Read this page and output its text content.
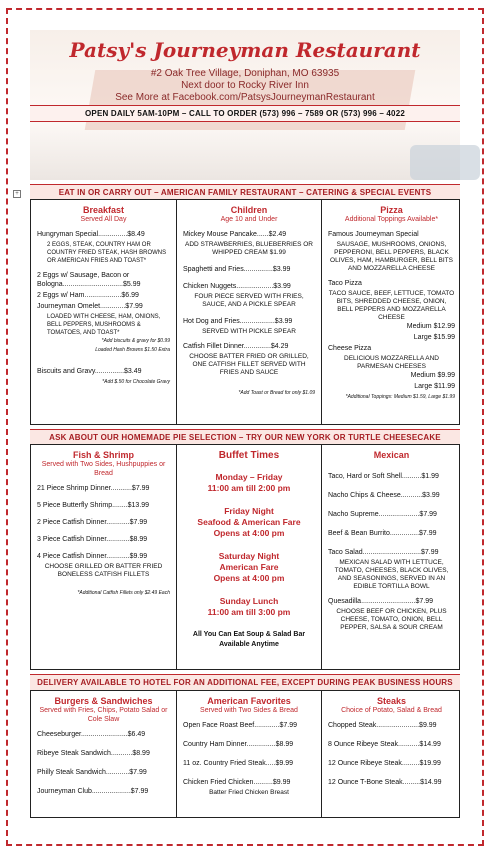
Patsy's Journeyman Restaurant
#2 Oak Tree Village, Doniphan, MO 63935
Next door to Rocky River Inn
See More at Facebook.com/PatsysJourneymanRestaurant
OPEN DAILY 5AM-10PM – CALL TO ORDER (573) 996 – 7589 OR (573) 996 – 4022
+	EAT IN OR CARRY OUT – AMERICAN FAMILY RESTAURANT – CATERING & SPECIAL EVENTS
Breakfast
Served All Day
Hungryman Special...............$8.49
2 EGGS, STEAK, COUNTRY HAM OR COUNTRY FRIED STEAK, HASH BROWNS OR AMERICAN FRIES AND TOAST*
2 Eggs w/ Sausage, Bacon or Bologna...............................$5.99
2 Eggs w/ Ham...................$6.99
Journeyman Omelet.............$7.99
LOADED WITH CHEESE, HAM, ONIONS, BELL PEPPERS, MUSHROOMS & TOMATOES, AND TOAST*
*Add biscuits & gravy for $0.99
Loaded Hash Browns $1.50 Extra
Biscuits and Gravy...............$3.49
*Add $.50 for Chocolate Gravy
Children
Age 10 and Under
Mickey Mouse Pancake......$2.49
ADD STRAWBERRIES, BLUEBERRIES OR WHIPPED CREAM $1.99
Spaghetti and Fries...............$3.99
Chicken Nuggets...................$3.99
FOUR PIECE SERVED WITH FRIES, SAUCE, AND A PICKLE SPEAR
Hot Dog and Fries..................$3.99
SERVED WITH PICKLE SPEAR
Catfish Fillet Dinner..............$4.29
CHOOSE BATTER FRIED OR GRILLED, ONE CATFISH FILLET SERVED WITH FRIES AND SAUCE
*Add Toast or Bread for only $1.09
Pizza
Additional Toppings Available*
Famous Journeyman Special
SAUSAGE, MUSHROOMS, ONIONS, PEPPERONI, BELL PEPPERS, BLACK OLIVES, HAM, HAMBURGER, BELL BITS AND MOZZARELLA CHEESE
Taco Pizza
TACO SAUCE, BEEF, LETTUCE, TOMATO BITS, SHREDDED CHEESE, ONION, BELL PEPPERS AND MOZZARELLA CHEESE
Medium $12.99
Large $15.99
Cheese Pizza
DELICIOUS MOZZARELLA AND PARMESAN CHEESES
Medium $9.99
Large $11.99
*Additional Toppings: Medium $1.59, Large $1.99
ASK ABOUT OUR HOMEMADE PIE SELECTION – TRY OUR NEW YORK OR TURTLE CHEESECAKE
Fish & Shrimp
Served with Two Sides, Hushpuppies or Bread
21 Piece Shrimp Dinner...........$7.99
5 Piece Butterfly Shrimp........$13.99
2 Piece Catfish Dinner............$7.99
3 Piece Catfish Dinner............$8.99
4 Piece Catfish Dinner............$9.99
CHOOSE GRILLED OR BATTER FRIED BONELESS CATFISH FILLETS
*Additional Catfish Fillets only $2.49 Each
Buffet Times
Monday – Friday
11:00 am till 2:00 pm
Friday Night
Seafood & American Fare
Opens at 4:00 pm
Saturday Night
American Fare
Opens at 4:00 pm
Sunday Lunch
11:00 am till 3:00 pm
All You Can Eat Soup & Salad Bar
Available Anytime
Mexican
Taco, Hard or Soft Shell..........$1.99
Nacho Chips & Cheese...........$3.99
Nacho Supreme.....................$7.99
Beef & Bean Burrito...............$7.99
Taco Salad..............................$7.99
MEXICAN SALAD WITH LETTUCE, TOMATO, CHEESES, BLACK OLIVES, AND SEASONINGS, SERVED IN AN EDIBLE TORTILLA BOWL
Quesadilla............................$7.99
CHOOSE BEEF OR CHICKEN, PLUS CHEESE, TOMATO, ONION, BELL PEPPER, SALSA & SOUR CREAM
DELIVERY AVAILABLE TO HOTEL FOR AN ADDITIONAL FEE, EXCEPT DURING PEAK BUSINESS HOURS
Burgers & Sandwiches
Served with Fries, Chips, Potato Salad or Cole Slaw
Cheeseburger........................$6.49
Ribeye Steak Sandwich...........$8.99
Philly Steak Sandwich............$7.99
Journeyman Club....................$7.99
American Favorites
Served with Two Sides & Bread
Open Face Roast Beef.............$7.99
Country Ham Dinner...............$8.99
11 oz. Country Fried Steak.....$9.99
Chicken Fried Chicken..........$9.99
Batter Fried Chicken Breast
Steaks
Choice of Potato, Salad & Bread
Chopped Steak......................$9.99
8 Ounce Ribeye Steak...........$14.99
12 Ounce Ribeye Steak.........$19.99
12 Ounce T-Bone Steak.........$14.99
